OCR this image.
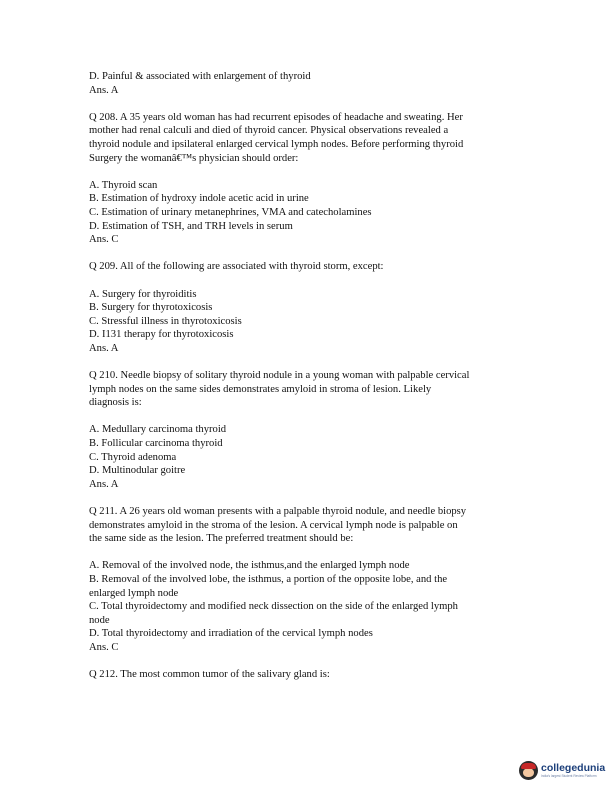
D. Painful & associated with enlargement of thyroid
Ans. A
Q 208. A 35 years old woman has had recurrent episodes of headache and sweating. Her
mother had renal calculi and died of thyroid cancer. Physical observations revealed a
thyroid nodule and ipsilateral enlarged cervical lymph nodes. Before performing thyroid
Surgery the womanâ€™s physician should order:
A. Thyroid scan
B. Estimation of hydroxy indole acetic acid in urine
C. Estimation of urinary metanephrines, VMA and catecholamines
D. Estimation of TSH, and TRH levels in serum
Ans. C
Q 209. All of the following are associated with thyroid storm, except:
A. Surgery for thyroiditis
B. Surgery for thyrotoxicosis
C. Stressful illness in thyrotoxicosis
D. I131 therapy for thyrotoxicosis
Ans. A
Q 210. Needle biopsy of solitary thyroid nodule in a young woman with palpable cervical
lymph nodes on the same sides demonstrates amyloid in stroma of lesion. Likely
diagnosis is:
A. Medullary carcinoma thyroid
B. Follicular carcinoma thyroid
C. Thyroid adenoma
D. Multinodular goitre
Ans. A
Q 211. A 26 years old woman presents with a palpable thyroid nodule, and needle biopsy
demonstrates amyloid in the stroma of the lesion. A cervical lymph node is palpable on
the same side as the lesion. The preferred treatment should be:
A. Removal of the involved node, the isthmus,and the enlarged lymph node
B. Removal of the involved lobe, the isthmus, a portion of the opposite lobe, and the
enlarged lymph node
C. Total thyroidectomy and modified neck dissection on the side of the enlarged lymph
node
D. Total thyroidectomy and irradiation of the cervical lymph nodes
Ans. C
Q 212. The most common tumor of the salivary gland is:
collegedunia
India's largest Student Review Platform
